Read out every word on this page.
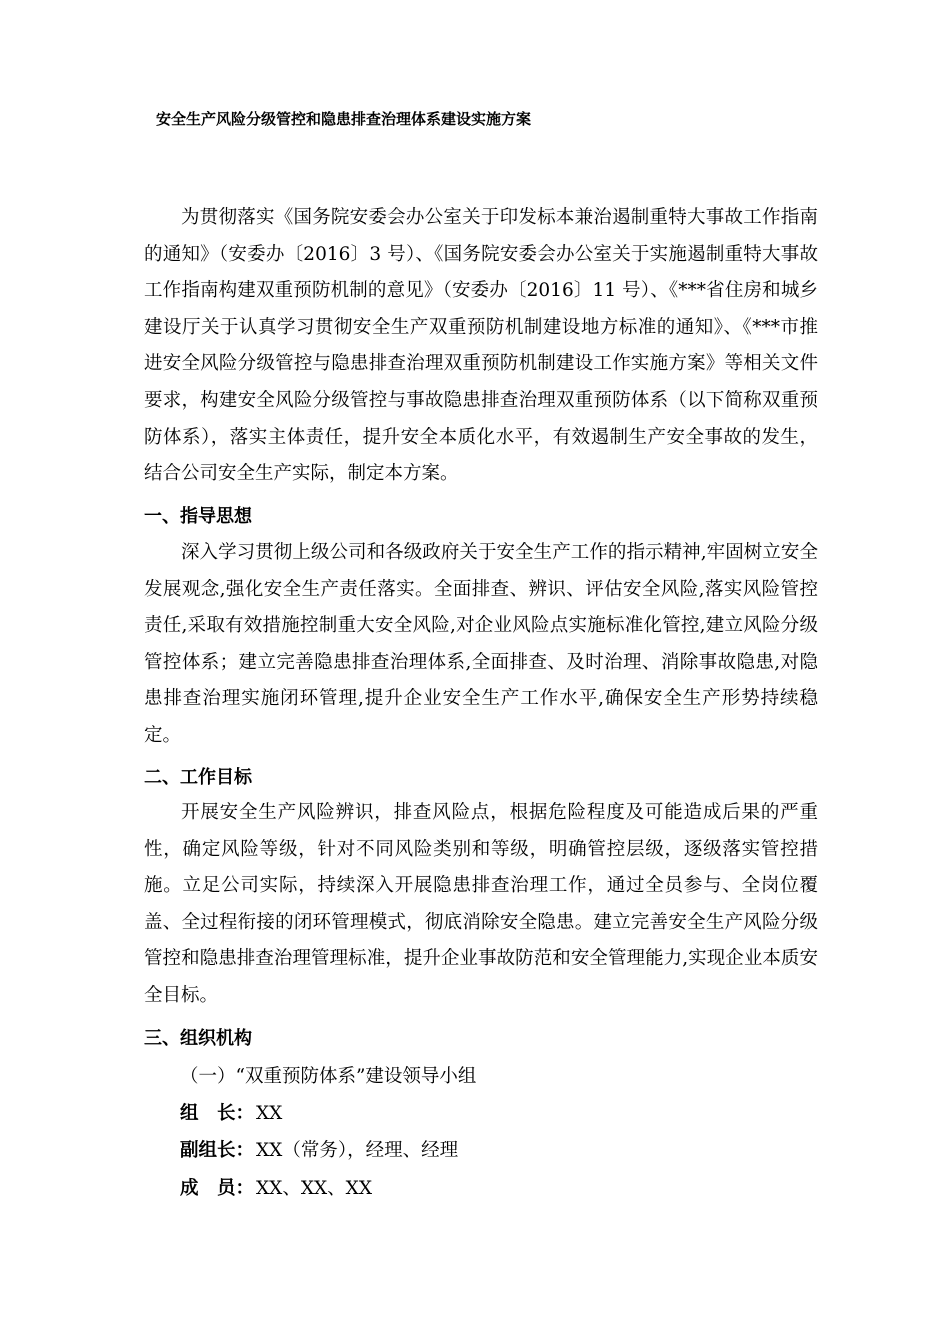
安全生产风险分级管控和隐患排查治理体系建设实施方案

为贯彻落实《国务院安委会办公室关于印发标本兼治遏制重特大事故工作指南的通知》（安委办〔2016〕3 号）、《国务院安委会办公室关于实施遏制重特大事故工作指南构建双重预防机制的意见》（安委办〔2016〕11 号）、《***省住房和城乡建设厅关于认真学习贯彻安全生产双重预防机制建设地方标准的通知》、《***市推进安全风险分级管控与隐患排查治理双重预防机制建设工作实施方案》等相关文件要求，构建安全风险分级管控与事故隐患排查治理双重预防体系（以下简称双重预防体系），落实主体责任，提升安全本质化水平，有效遏制生产安全事故的发生，结合公司安全生产实际，制定本方案。

一、指导思想

深入学习贯彻上级公司和各级政府关于安全生产工作的指示精神,牢固树立安全发展观念,强化安全生产责任落实。全面排查、辨识、评估安全风险,落实风险管控责任,采取有效措施控制重大安全风险,对企业风险点实施标准化管控,建立风险分级管控体系；建立完善隐患排查治理体系,全面排查、及时治理、消除事故隐患,对隐患排查治理实施闭环管理,提升企业安全生产工作水平,确保安全生产形势持续稳定。

二、工作目标

开展安全生产风险辨识，排查风险点，根据危险程度及可能造成后果的严重性，确定风险等级，针对不同风险类别和等级，明确管控层级，逐级落实管控措施。立足公司实际，持续深入开展隐患排查治理工作，通过全员参与、全岗位覆盖、全过程衔接的闭环管理模式，彻底消除安全隐患。建立完善安全生产风险分级管控和隐患排查治理管理标准，提升企业事故防范和安全管理能力,实现企业本质安全目标。

三、组织机构

（一）“双重预防体系”建设领导小组

组　长： XX

副组长： XX（常务），经理、经理

成　员： XX、XX、XX
